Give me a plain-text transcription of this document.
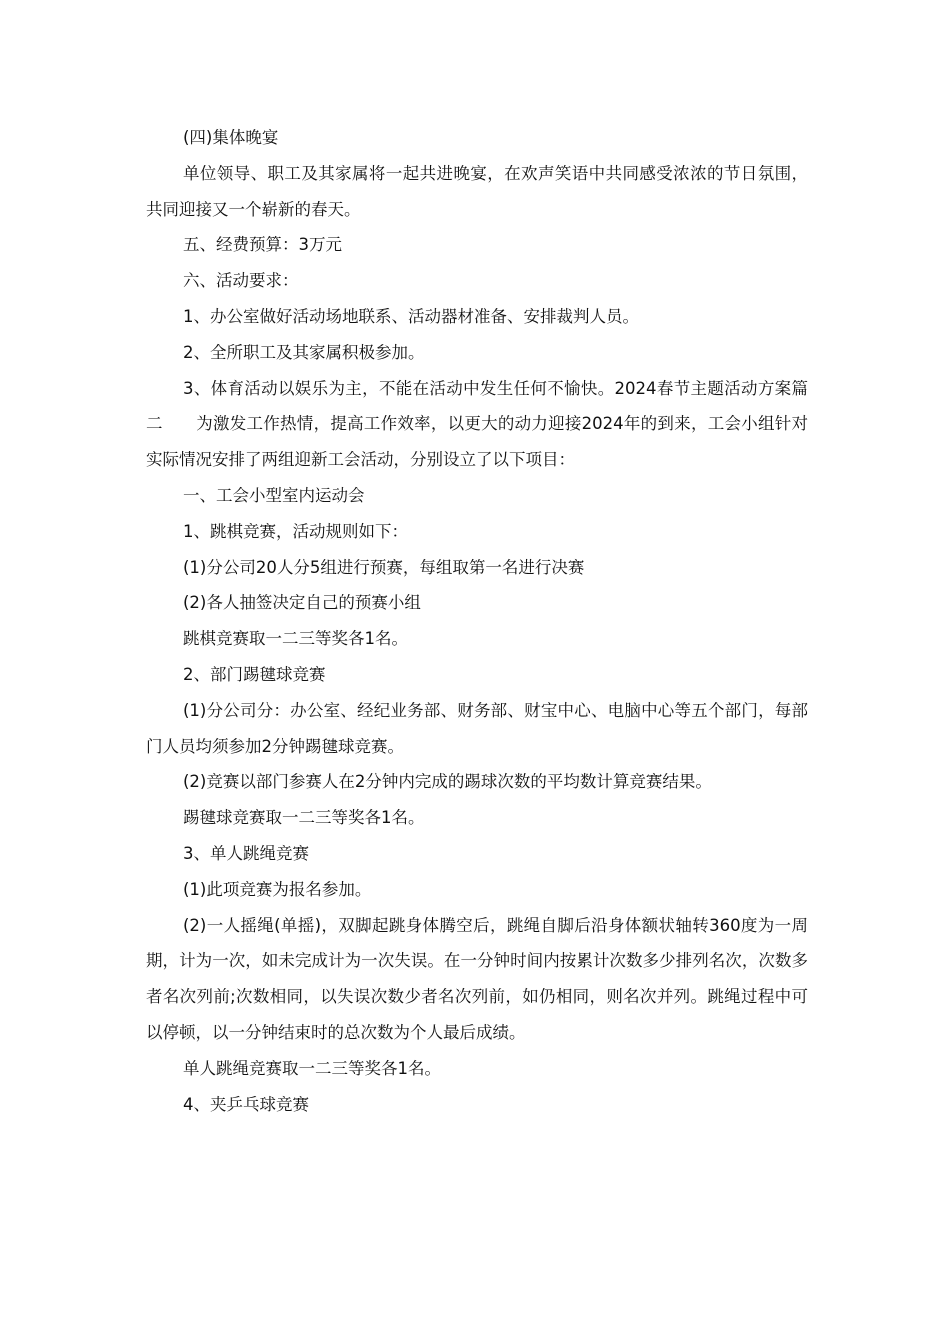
(四)集体晚宴

单位领导、职工及其家属将一起共进晚宴，在欢声笑语中共同感受浓浓的节日氛围，共同迎接又一个崭新的春天。

五、经费预算：3万元

六、活动要求：

1、办公室做好活动场地联系、活动器材准备、安排裁判人员。

2、全所职工及其家属积极参加。

3、体育活动以娱乐为主，不能在活动中发生任何不愉快。2024春节主题活动方案篇二　　为激发工作热情，提高工作效率，以更大的动力迎接2024年的到来，工会小组针对实际情况安排了两组迎新工会活动，分别设立了以下项目：

一、工会小型室内运动会

1、跳棋竞赛，活动规则如下：

(1)分公司20人分5组进行预赛，每组取第一名进行决赛

(2)各人抽签决定自己的预赛小组

跳棋竞赛取一二三等奖各1名。

2、部门踢毽球竞赛

(1)分公司分：办公室、经纪业务部、财务部、财宝中心、电脑中心等五个部门，每部门人员均须参加2分钟踢毽球竞赛。

(2)竞赛以部门参赛人在2分钟内完成的踢球次数的平均数计算竞赛结果。

踢毽球竞赛取一二三等奖各1名。

3、单人跳绳竞赛

(1)此项竞赛为报名参加。

(2)一人摇绳(单摇)，双脚起跳身体腾空后，跳绳自脚后沿身体额状轴转360度为一周期，计为一次，如未完成计为一次失误。在一分钟时间内按累计次数多少排列名次，次数多者名次列前;次数相同，以失误次数少者名次列前，如仍相同，则名次并列。跳绳过程中可以停顿，以一分钟结束时的总次数为个人最后成绩。

单人跳绳竞赛取一二三等奖各1名。

4、夹乒乓球竞赛
